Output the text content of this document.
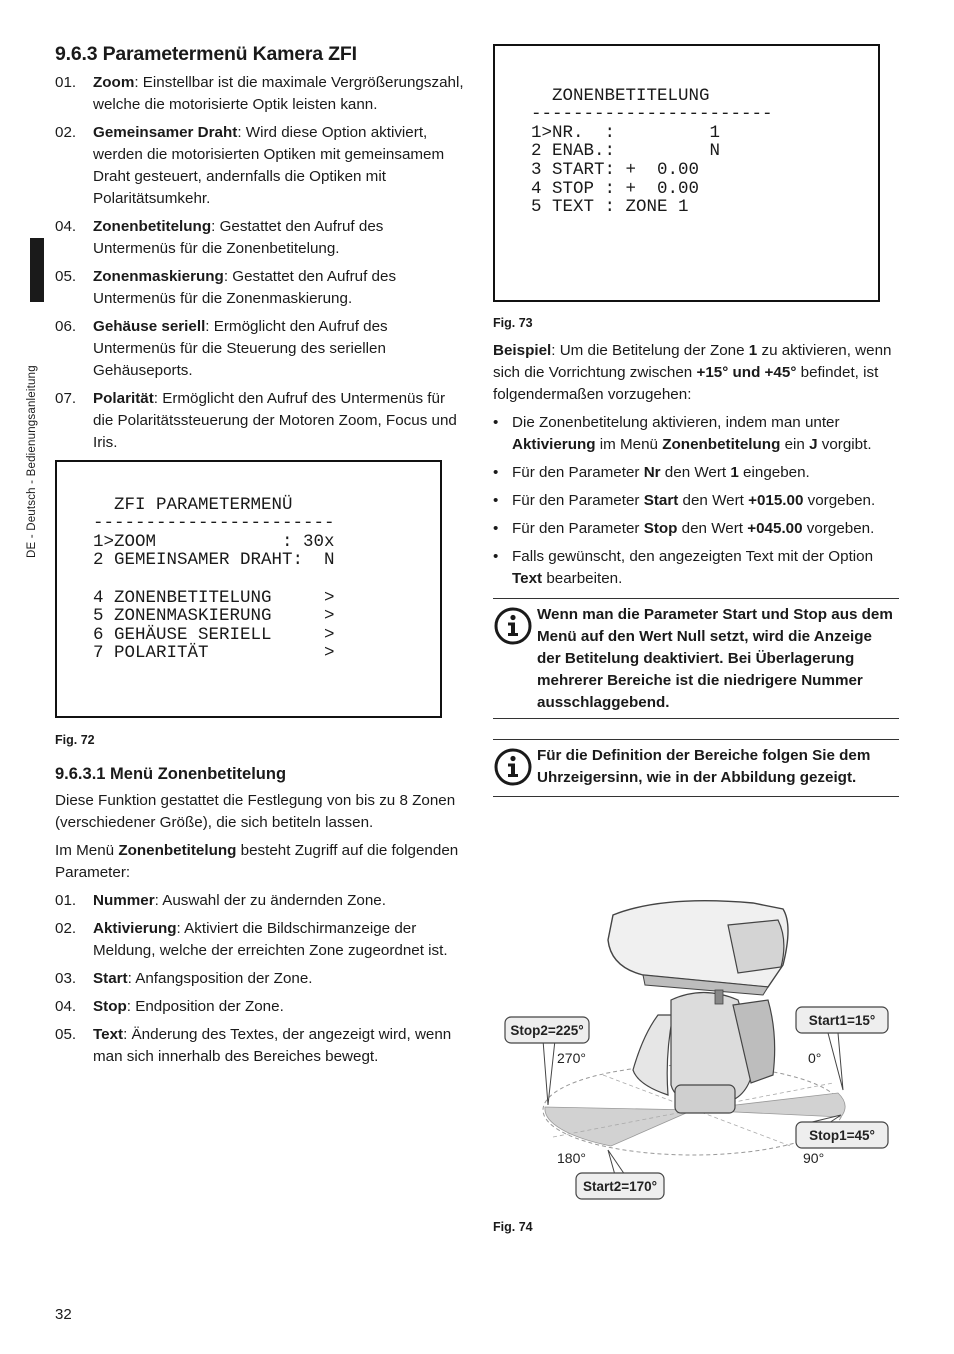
DE - Deutsch - Bedienungsanleitung
9.6.3 Parametermenü Kamera ZFI
01. Zoom: Einstellbar ist die maximale Vergrößerungszahl, welche die motorisierte Optik leisten kann.
02. Gemeinsamer Draht: Wird diese Option aktiviert, werden die motorisierten Optiken mit gemeinsamem Draht gesteuert, andernfalls die Optiken mit Polaritätsumkehr.
04. Zonenbetitelung: Gestattet den Aufruf des Untermenüs für die Zonenbetitelung.
05. Zonenmaskierung: Gestattet den Aufruf des Untermenüs für die Zonenmaskierung.
06. Gehäuse seriell: Ermöglicht den Aufruf des Untermenüs für die Steuerung des seriellen Gehäuseports.
07. Polarität: Ermöglicht den Aufruf des Untermenüs für die Polaritätssteuerung der Motoren Zoom, Focus und Iris.

ZFI PARAMETERMENÜ
-----------------------
1>ZOOM            : 30x
2 GEMEINSAMER DRAHT:  N
4 ZONENBETITELUNG     >
5 ZONENMASKIERUNG     >
6 GEHÄUSE SERIELL     >
7 POLARITÄT           >
Fig. 72
9.6.3.1 Menü Zonenbetitelung

Diese Funktion gestattet die Festlegung von bis zu 8 Zonen (verschiedener Größe), die sich betiteln lassen.

Im Menü Zonenbetitelung besteht Zugriff auf die folgenden Parameter:

01. Nummer: Auswahl der zu ändernden Zone.
02. Aktivierung: Aktiviert die Bildschirmanzeige der Meldung, welche der erreichten Zone zugeordnet ist.
03. Start: Anfangsposition der Zone.
04. Stop: Endposition der Zone.
05. Text: Änderung des Textes, der angezeigt wird, wenn man sich innerhalb des Bereiches bewegt.

ZONENBETITELUNG
-----------------------
1>NR.  :         1
2 ENAB.:         N
3 START: +  0.00
4 STOP : +  0.00
5 TEXT : ZONE 1
Fig. 73

Beispiel: Um die Betitelung der Zone 1 zu aktivieren, wenn sich die Vorrichtung zwischen +15° und +45° befindet, ist folgendermaßen vorzugehen:

• Die Zonenbetitelung aktivieren, indem man unter Aktivierung im Menü Zonenbetitelung ein J vorgibt.
• Für den Parameter Nr den Wert 1 eingeben.
• Für den Parameter Start den Wert +015.00 vorgeben.
• Für den Parameter Stop den Wert +045.00 vorgeben.
• Falls gewünscht, den angezeigten Text mit der Option Text bearbeiten.
Wenn man die Parameter Start und Stop aus dem Menü auf den Wert Null setzt, wird die Anzeige der Betitelung deaktiviert. Bei Überlagerung mehrerer Bereiche ist die niedrigere Nummer ausschlaggebend.
Für die Definition der Bereiche folgen Sie dem Uhrzeigersinn, wie in der Abbildung gezeigt.
Stop2=225°
Start1=15°
Stop1=45°
Start2=170°
270°	0°
180°	90°
Fig. 74
32
